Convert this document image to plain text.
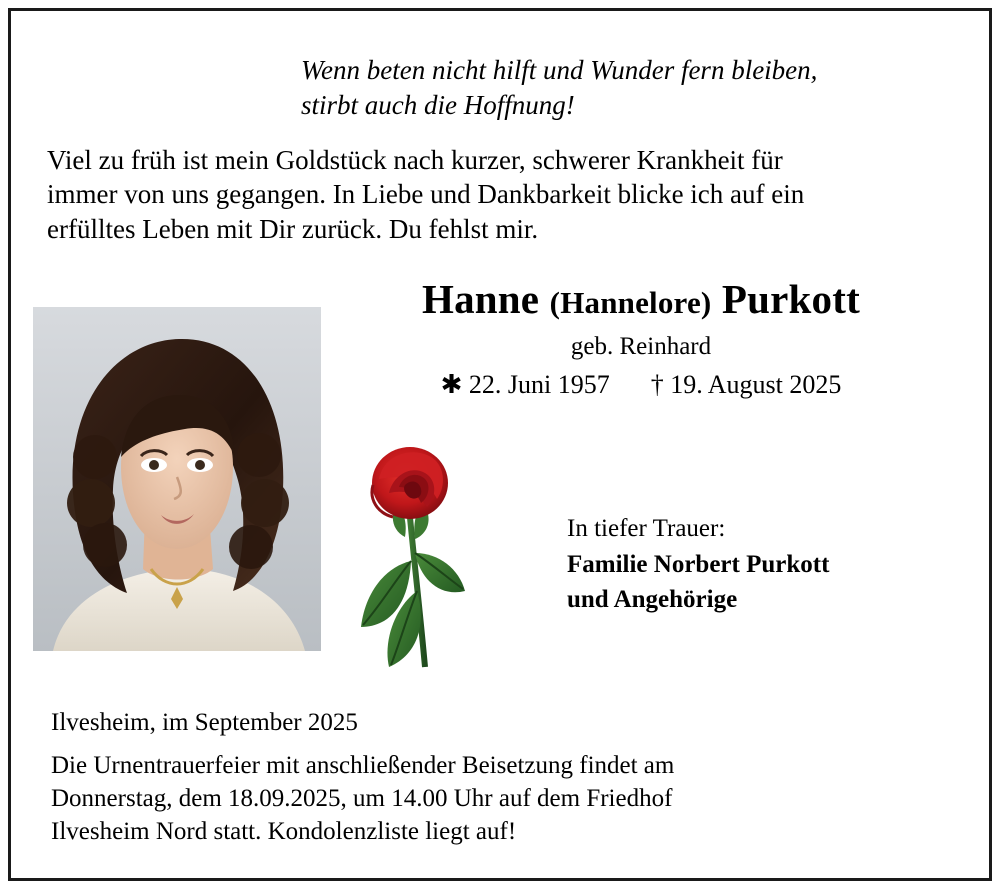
Wenn beten nicht hilft und Wunder fern bleiben,
stirbt auch die Hoffnung!
Viel zu früh ist mein Goldstück nach kurzer, schwerer Krankheit für
immer von uns gegangen. In Liebe und Dankbarkeit blicke ich auf ein
erfülltes Leben mit Dir zurück. Du fehlst mir.
Hanne (Hannelore) Purkott
geb. Reinhard
✱ 22. Juni 1957 † 19. August 2025
In tiefer Trauer:
Familie Norbert Purkott
und Angehörige
Ilvesheim, im September 2025
Die Urnentrauerfeier mit anschließender Beisetzung findet am
Donnerstag, dem 18.09.2025, um 14.00 Uhr auf dem Friedhof
Ilvesheim Nord statt. Kondolenzliste liegt auf!
